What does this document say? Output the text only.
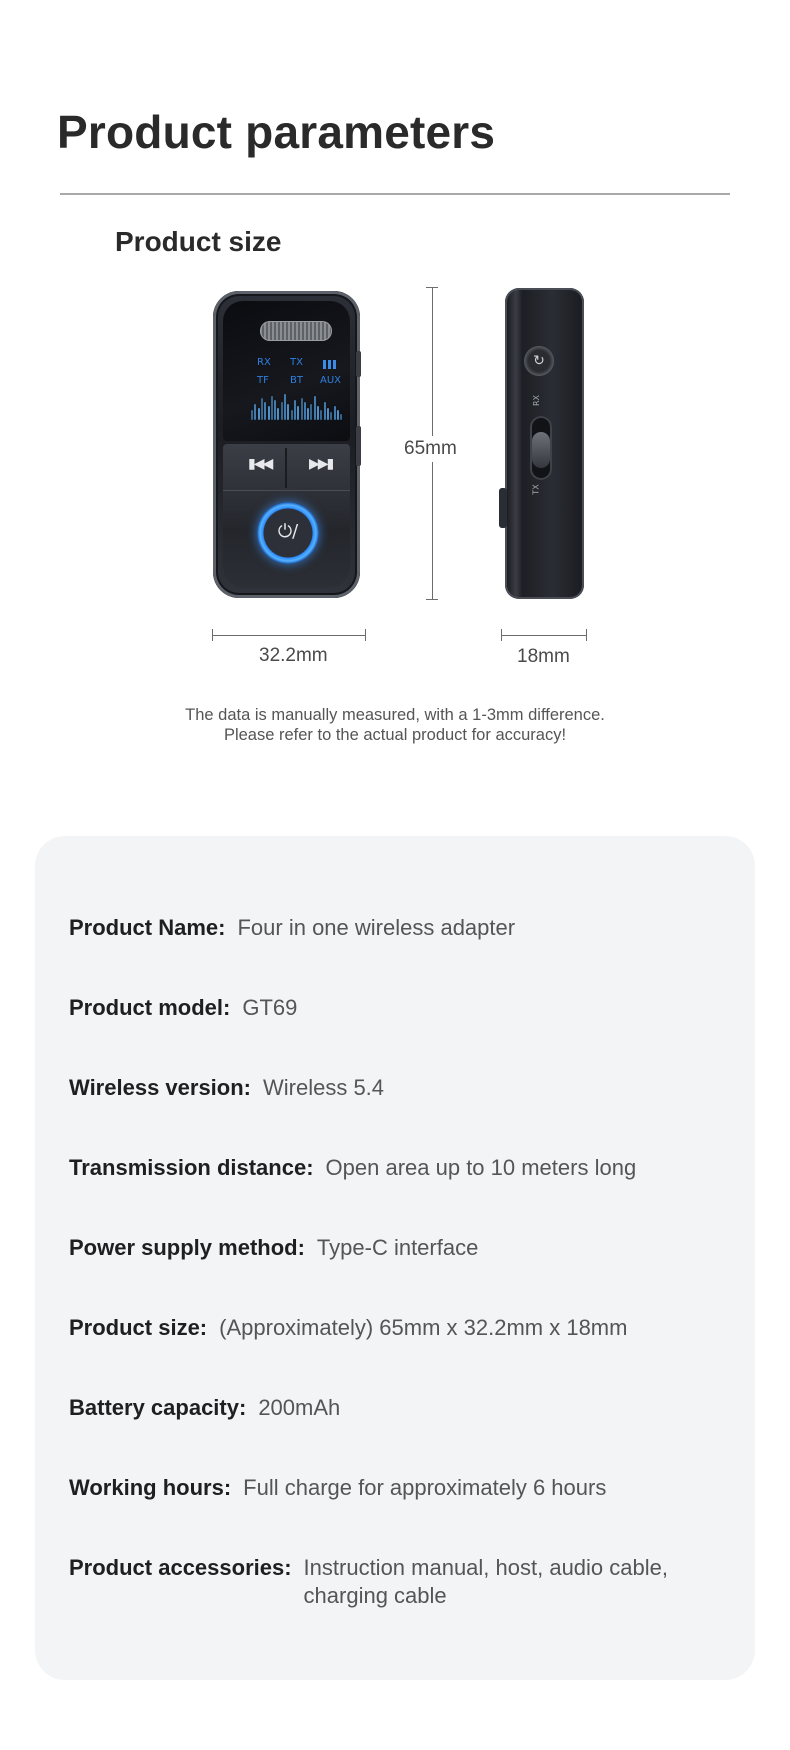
Product parameters
Product size
RX TX
TF BT AUX
▮◀◀	▶▶▮
⏻/
65mm
↻
RX
TX
32.2mm	18mm
The data is manually measured, with a 1-3mm difference.
Please refer to the actual product for accuracy!
Product Name: Four in one wireless adapter
Product model: GT69
Wireless version: Wireless 5.4
Transmission distance: Open area up to 10 meters long
Power supply method: Type-C interface
Product size: (Approximately) 65mm x 32.2mm x 18mm
Battery capacity: 200mAh
Working hours: Full charge for approximately 6 hours
Product accessories: Instruction manual, host, audio cable, charging cable
